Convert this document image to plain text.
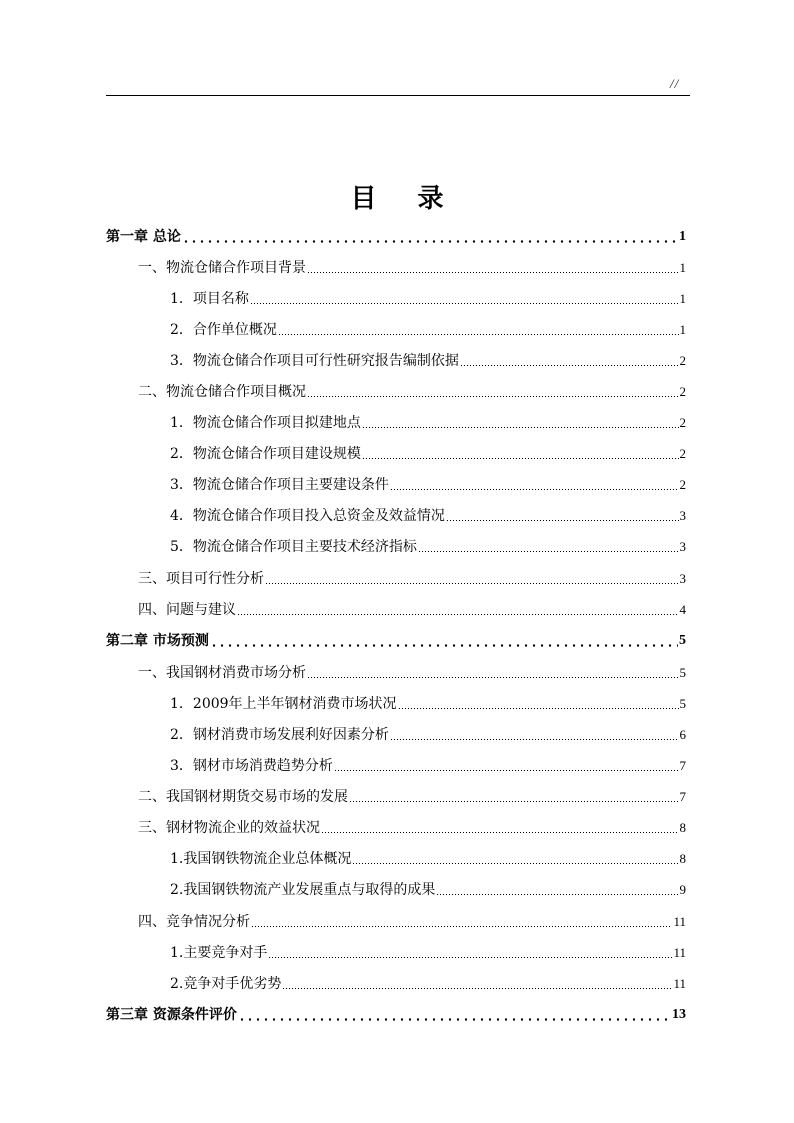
//
目 录
第一章 总论	1
一、物流仓储合作项目背景	1
1．项目名称	1
2．合作单位概况	1
3．物流仓储合作项目可行性研究报告编制依据	2
二、物流仓储合作项目概况	2
1．物流仓储合作项目拟建地点	2
2．物流仓储合作项目建设规模	2
3．物流仓储合作项目主要建设条件	2
4．物流仓储合作项目投入总资金及效益情况	3
5．物流仓储合作项目主要技术经济指标	3
三、项目可行性分析	3
四、问题与建议	4
第二章 市场预测	5
一、我国钢材消费市场分析	5
1．2009年上半年钢材消费市场状况	5
2．钢材消费市场发展利好因素分析	6
3．钢材市场消费趋势分析	7
二、我国钢材期货交易市场的发展	7
三、钢材物流企业的效益状况	8
1.我国钢铁物流企业总体概况	8
2.我国钢铁物流产业发展重点与取得的成果	9
四、竞争情况分析	11
1.主要竞争对手	11
2.竞争对手优劣势	11
第三章 资源条件评价	13
